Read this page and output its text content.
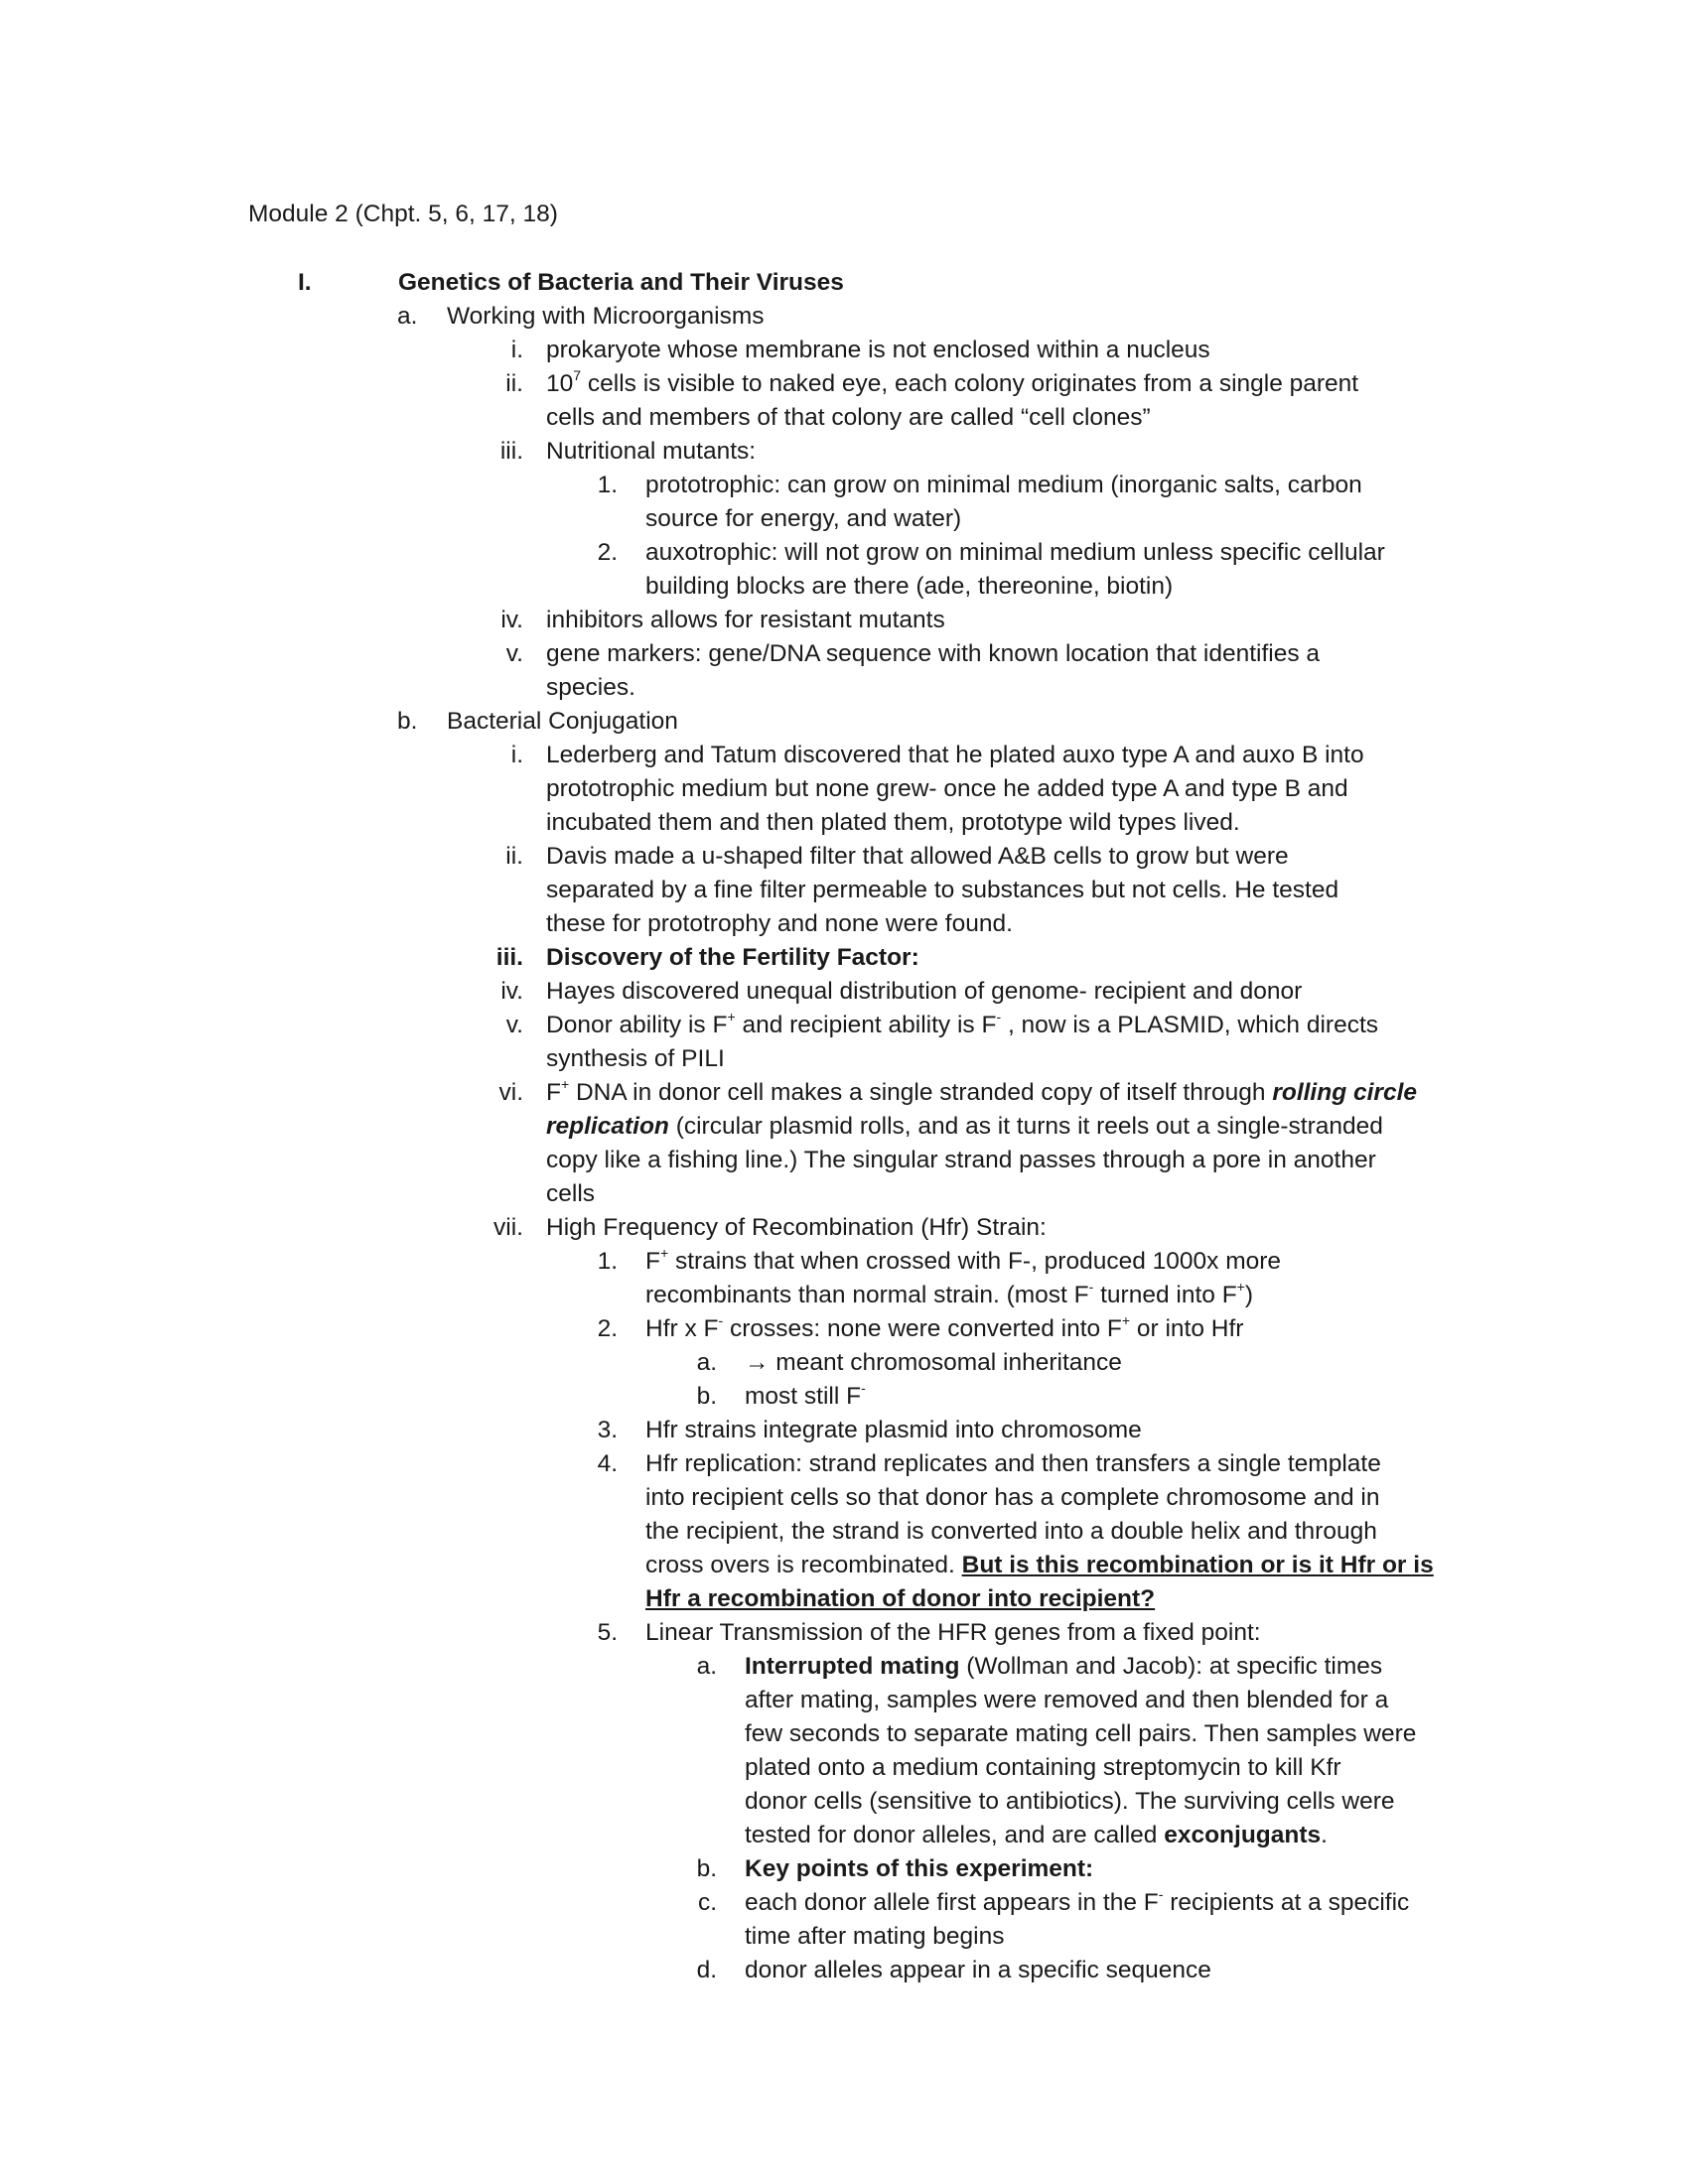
Module 2 (Chpt. 5, 6, 17, 18)
I.	Genetics of Bacteria and Their Viruses
a. Working with Microorganisms
i. prokaryote whose membrane is not enclosed within a nucleus
ii. $10^7$ cells is visible to naked eye, each colony originates from a single parent
cells and members of that colony are called “cell clones”
iii. Nutritional mutants:
1. prototrophic: can grow on minimal medium (inorganic salts, carbon
source for energy, and water)
2. auxotrophic: will not grow on minimal medium unless specific cellular
building blocks are there (ade, thereonine, biotin)
iv. inhibitors allows for resistant mutants
v. gene markers: gene/DNA sequence with known location that identifies a
species.
b. Bacterial Conjugation
i. Lederberg and Tatum discovered that he plated auxo type A and auxo B into
prototrophic medium but none grew- once he added type A and type B and
incubated them and then plated them, prototype wild types lived.
ii. Davis made a u-shaped filter that allowed A&B cells to grow but were
separated by a fine filter permeable to substances but not cells. He tested
these for prototrophy and none were found.
iii. Discovery of the Fertility Factor:
iv. Hayes discovered unequal distribution of genome- recipient and donor
v. Donor ability is F+ and recipient ability is F- , now is a PLASMID, which directs
synthesis of PILI
vi. F+ DNA in donor cell makes a single stranded copy of itself through rolling circle
replication (circular plasmid rolls, and as it turns it reels out a single-stranded
copy like a fishing line.) The singular strand passes through a pore in another
cells
vii. High Frequency of Recombination (Hfr) Strain:
1. F+ strains that when crossed with F-, produced 1000x more
recombinants than normal strain. (most F- turned into F+)
2. Hfr x F- crosses: none were converted into F+ or into Hfr
a. → meant chromosomal inheritance
b. most still F-
3. Hfr strains integrate plasmid into chromosome
4. Hfr replication: strand replicates and then transfers a single template
into recipient cells so that donor has a complete chromosome and in
the recipient, the strand is converted into a double helix and through
cross overs is recombinated. But is this recombination or is it Hfr or is
Hfr a recombination of donor into recipient?
5. Linear Transmission of the HFR genes from a fixed point:
a. Interrupted mating (Wollman and Jacob): at specific times
after mating, samples were removed and then blended for a
few seconds to separate mating cell pairs. Then samples were
plated onto a medium containing streptomycin to kill Kfr
donor cells (sensitive to antibiotics). The surviving cells were
tested for donor alleles, and are called exconjugants.
b. Key points of this experiment:
c. each donor allele first appears in the F- recipients at a specific
time after mating begins
d. donor alleles appear in a specific sequence
